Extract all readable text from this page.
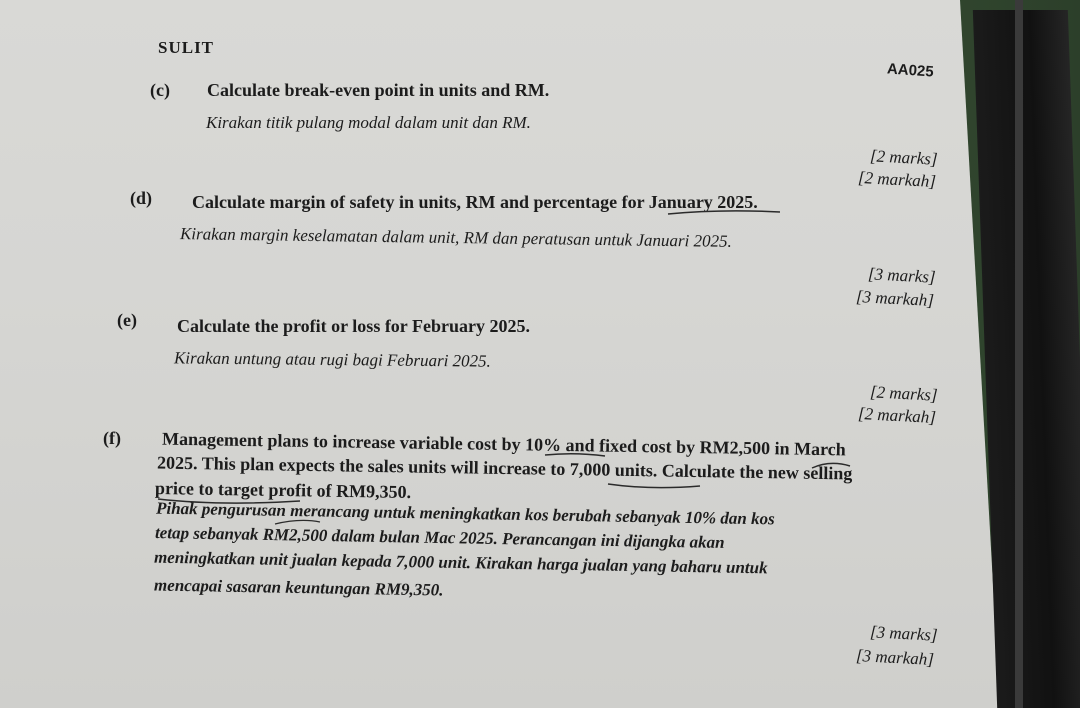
SULIT
AA025
(c) Calculate break-even point in units and RM.
Kirakan titik pulang modal dalam unit dan RM.
[2 marks]
[2 markah]
(d) Calculate margin of safety in units, RM and percentage for January 2025.
Kirakan margin keselamatan dalam unit, RM dan peratusan untuk Januari 2025.
[3 marks]
[3 markah]
(e) Calculate the profit or loss for February 2025.
Kirakan untung atau rugi bagi Februari 2025.
[2 marks]
[2 markah]
(f) Management plans to increase variable cost by 10% and fixed cost by RM2,500 in March
2025. This plan expects the sales units will increase to 7,000 units. Calculate the new selling
price to target profit of RM9,350.
Pihak pengurusan merancang untuk meningkatkan kos berubah sebanyak 10% dan kos
tetap sebanyak RM2,500 dalam bulan Mac 2025. Perancangan ini dijangka akan
meningkatkan unit jualan kepada 7,000 unit. Kirakan harga jualan yang baharu untuk
mencapai sasaran keuntungan RM9,350.
[3 marks]
[3 markah]
